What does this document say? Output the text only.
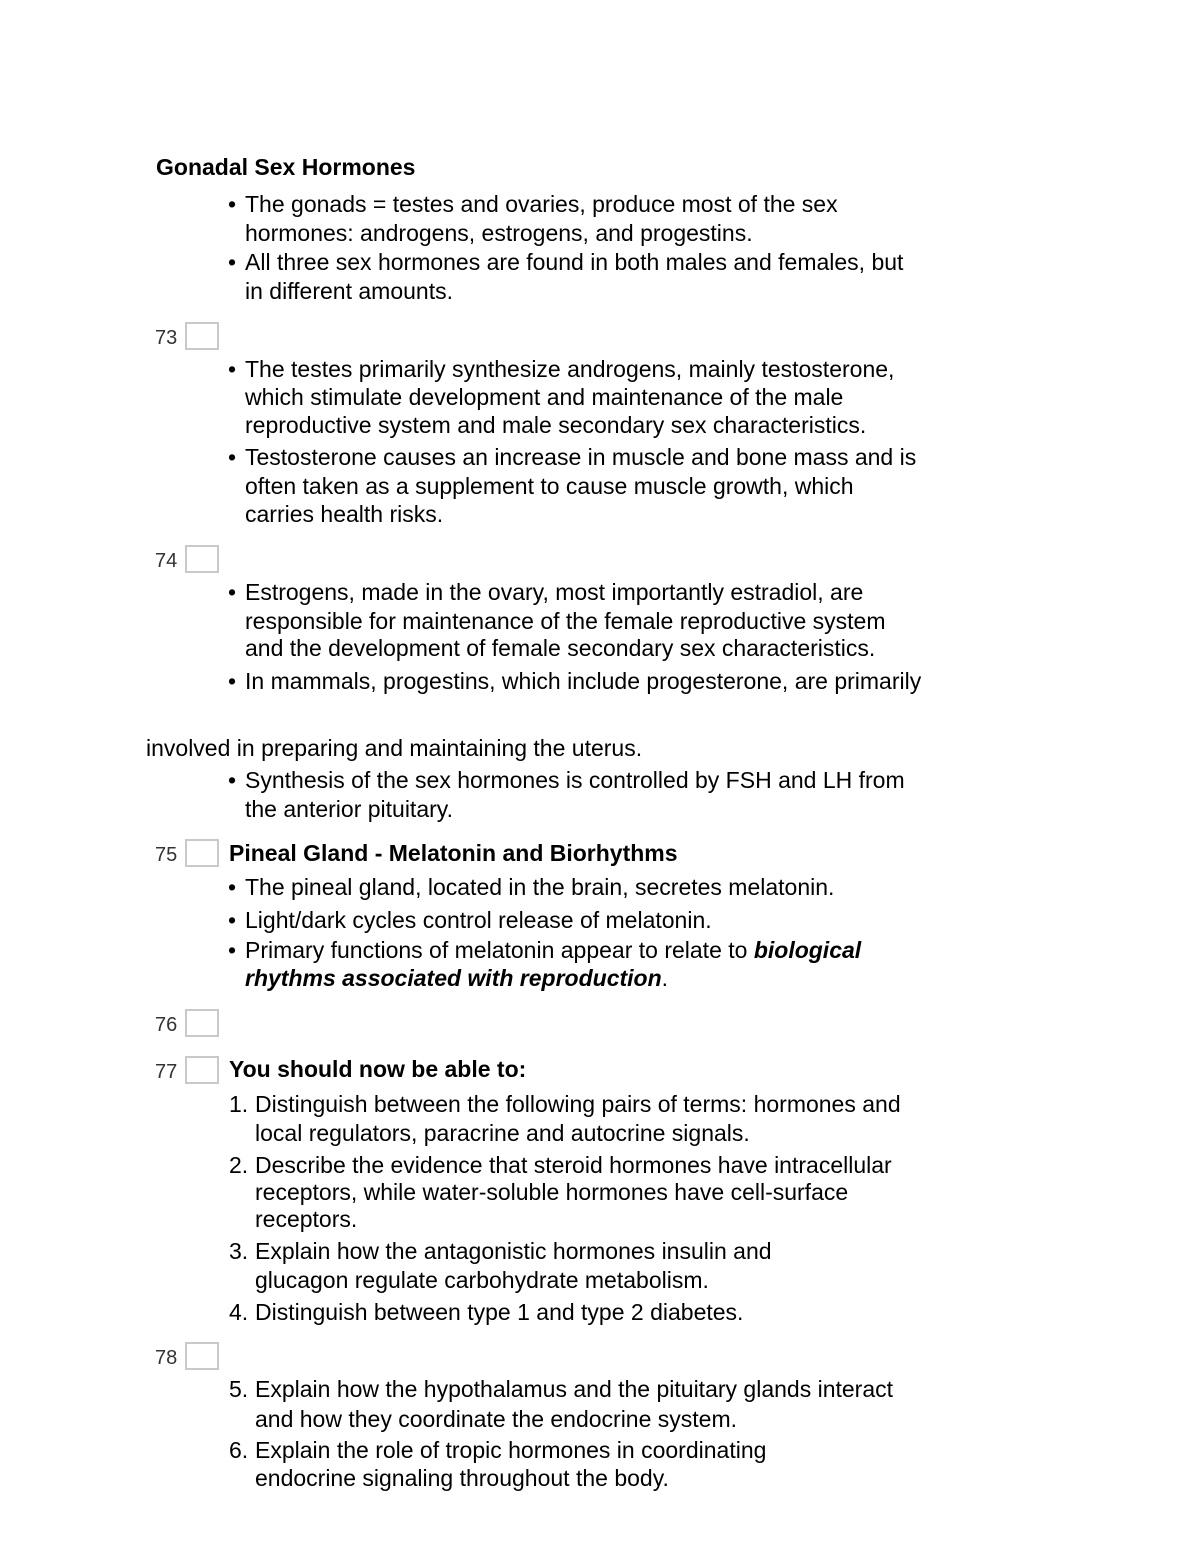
Gonadal Sex Hormones
• The gonads = testes and ovaries, produce most of the sex
hormones: androgens, estrogens, and progestins.
• All three sex hormones are found in both males and females, but
in different amounts.
73
• The testes primarily synthesize androgens, mainly testosterone,
which stimulate development and maintenance of the male
reproductive system and male secondary sex characteristics.
• Testosterone causes an increase in muscle and bone mass and is
often taken as a supplement to cause muscle growth, which
carries health risks.
74
• Estrogens, made in the ovary, most importantly estradiol, are
responsible for maintenance of the female reproductive system
and the development of female secondary sex characteristics.
• In mammals, progestins, which include progesterone, are primarily
involved in preparing and maintaining the uterus.
• Synthesis of the sex hormones is controlled by FSH and LH from
the anterior pituitary.
75 Pineal Gland - Melatonin and Biorhythms
• The pineal gland, located in the brain, secretes melatonin.
• Light/dark cycles control release of melatonin.
• Primary functions of melatonin appear to relate to biological
rhythms associated with reproduction.
76
77 You should now be able to:
1. Distinguish between the following pairs of terms: hormones and
local regulators, paracrine and autocrine signals.
2. Describe the evidence that steroid hormones have intracellular
receptors, while water-soluble hormones have cell-surface
receptors.
3. Explain how the antagonistic hormones insulin and
glucagon regulate carbohydrate metabolism.
4. Distinguish between type 1 and type 2 diabetes.
78
5. Explain how the hypothalamus and the pituitary glands interact
and how they coordinate the endocrine system.
6. Explain the role of tropic hormones in coordinating
endocrine signaling throughout the body.
